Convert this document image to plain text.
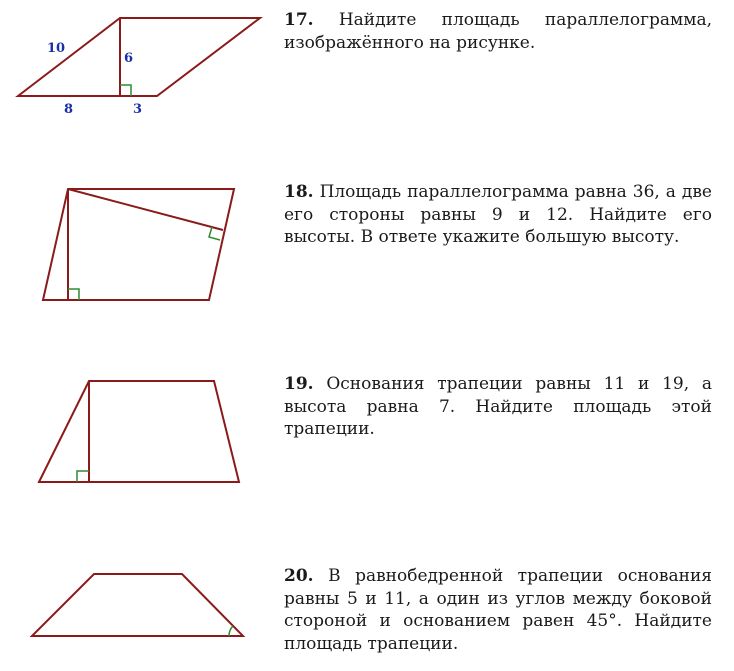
10
6
8	3
17. Найдите площадь параллелограмма, изображённого на рисунке.
18. Площадь параллелограмма равна 36, а две его стороны равны 9 и 12. Найдите его высоты. В ответе укажите большую высоту.
19. Основания трапеции равны 11 и 19, а высота равна 7. Найдите площадь этой трапеции.
20. В равнобедренной трапеции основания равны 5 и 11, а один из углов между боковой стороной и основанием равен 45°. Найдите площадь трапеции.
